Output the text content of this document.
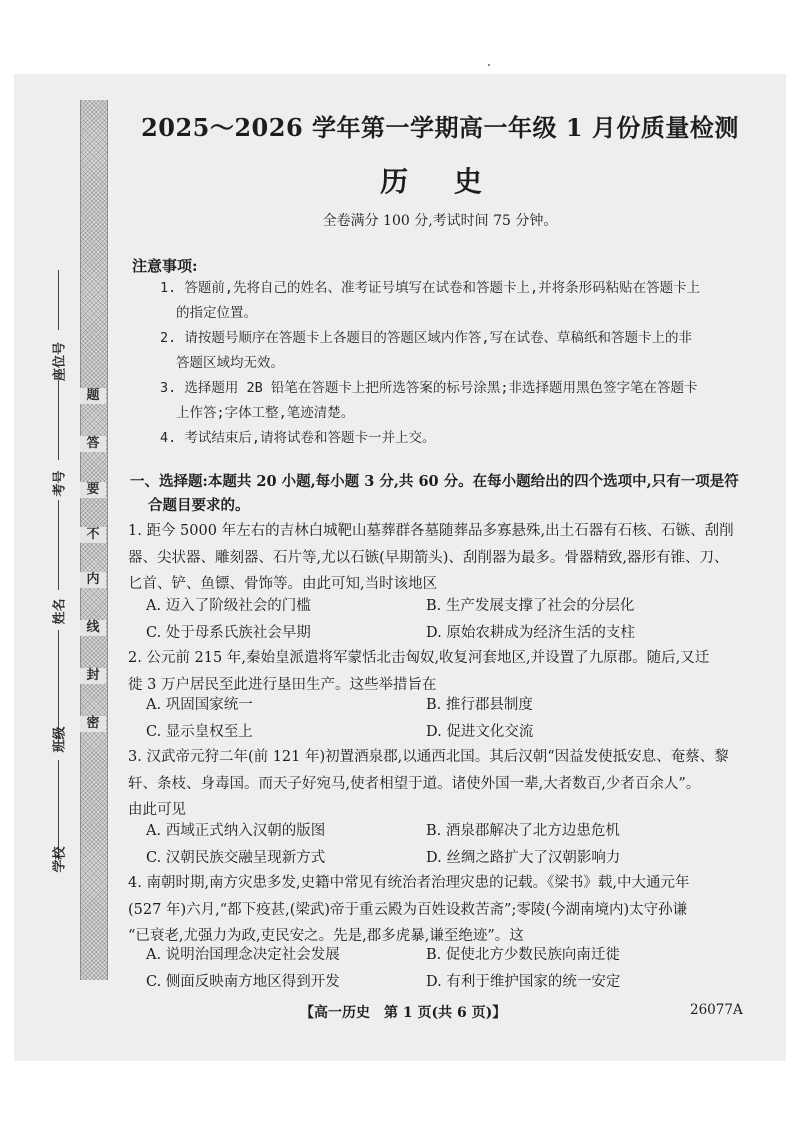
题
答
要
不
内
线
封
密
座位号
考号
姓名
班级
学校
2025～2026 学年第一学期高一年级 1 月份质量检测
历 史
全卷满分 100 分,考试时间 75 分钟。
注意事项:
1. 答题前,先将自己的姓名、准考证号填写在试卷和答题卡上,并将条形码粘贴在答题卡上
的指定位置。
2. 请按题号顺序在答题卡上各题目的答题区域内作答,写在试卷、草稿纸和答题卡上的非
答题区域均无效。
3. 选择题用 2B 铅笔在答题卡上把所选答案的标号涂黑;非选择题用黑色签字笔在答题卡
上作答;字体工整,笔迹清楚。
4. 考试结束后,请将试卷和答题卡一并上交。
一、选择题:本题共 20 小题,每小题 3 分,共 60 分。在每小题给出的四个选项中,只有一项是符
合题目要求的。
1. 距今 5000 年左右的吉林白城靶山墓葬群各墓随葬品多寡悬殊,出土石器有石核、石镞、刮削
器、尖状器、雕刻器、石片等,尤以石镞(早期箭头)、刮削器为最多。骨器精致,器形有锥、刀、
匕首、铲、鱼镖、骨饰等。由此可知,当时该地区
A. 迈入了阶级社会的门槛	B. 生产发展支撑了社会的分层化
C. 处于母系氏族社会早期	D. 原始农耕成为经济生活的支柱
2. 公元前 215 年,秦始皇派遣将军蒙恬北击匈奴,收复河套地区,并设置了九原郡。随后,又迁
徙 3 万户居民至此进行垦田生产。这些举措旨在
A. 巩固国家统一	B. 推行郡县制度
C. 显示皇权至上	D. 促进文化交流
3. 汉武帝元狩二年(前 121 年)初置酒泉郡,以通西北国。其后汉朝“因益发使抵安息、奄蔡、黎
轩、条枝、身毒国。而天子好宛马,使者相望于道。诸使外国一辈,大者数百,少者百余人”。
由此可见
A. 西域正式纳入汉朝的版图	B. 酒泉郡解决了北方边患危机
C. 汉朝民族交融呈现新方式	D. 丝绸之路扩大了汉朝影响力
4. 南朝时期,南方灾患多发,史籍中常见有统治者治理灾患的记载。《梁书》载,中大通元年
(527 年)六月,“都下疫甚,(梁武)帝于重云殿为百姓设救苦斋”;零陵(今湖南境内)太守孙谦
“已衰老,尤强力为政,吏民安之。先是,郡多虎暴,谦至绝迹”。这
A. 说明治国理念决定社会发展	B. 促使北方少数民族向南迁徙
C. 侧面反映南方地区得到开发	D. 有利于维护国家的统一安定
【高一历史　第 1 页(共 6 页)】	26077A
